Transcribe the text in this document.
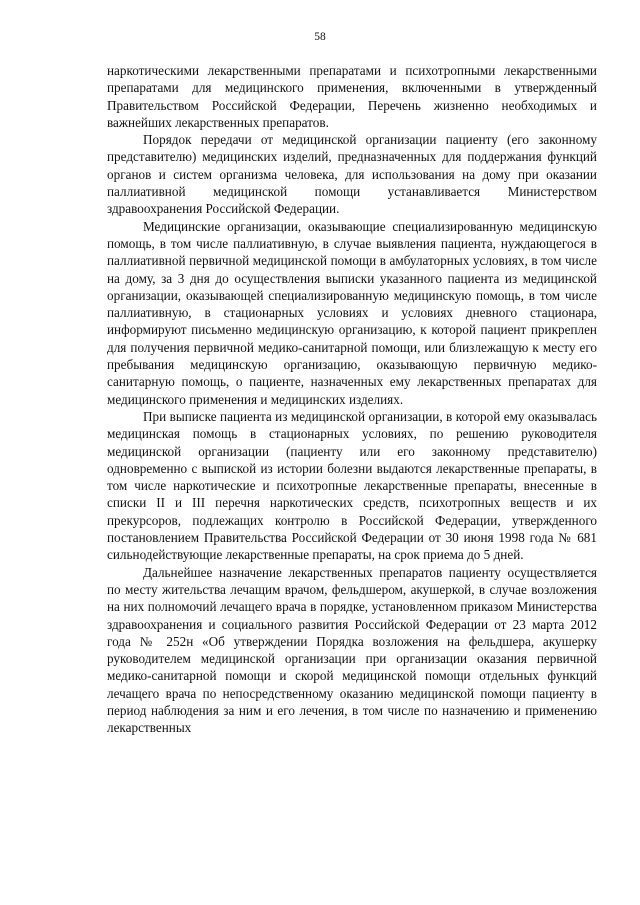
58

наркотическими лекарственными препаратами и психотропными лекарственными препаратами для медицинского применения, включенными в утвержденный Правительством Российской Федерации, Перечень жизненно необходимых и важнейших лекарственных препаратов.

Порядок передачи от медицинской организации пациенту (его законному представителю) медицинских изделий, предназначенных для поддержания функций органов и систем организма человека, для использования на дому при оказании паллиативной медицинской помощи устанавливается Министерством здравоохранения Российской Федерации.

Медицинские организации, оказывающие специализированную медицинскую помощь, в том числе паллиативную, в случае выявления пациента, нуждающегося в паллиативной первичной медицинской помощи в амбулаторных условиях, в том числе на дому, за 3 дня до осуществления выписки указанного пациента из медицинской организации, оказывающей специализированную медицинскую помощь, в том числе паллиативную, в стационарных условиях и условиях дневного стационара, информируют письменно медицинскую организацию, к которой пациент прикреплен для получения первичной медико-санитарной помощи, или близлежащую к месту его пребывания медицинскую организацию, оказывающую первичную медико-санитарную помощь, о пациенте, назначенных ему лекарственных препаратах для медицинского применения и медицинских изделиях.

При выписке пациента из медицинской организации, в которой ему оказывалась медицинская помощь в стационарных условиях, по решению руководителя медицинской организации (пациенту или его законному представителю) одновременно с выпиской из истории болезни выдаются лекарственные препараты, в том числе наркотические и психотропные лекарственные препараты, внесенные в списки II и III перечня наркотических средств, психотропных веществ и их прекурсоров, подлежащих контролю в Российской Федерации, утвержденного постановлением Правительства Российской Федерации от 30 июня 1998 года № 681 сильнодействующие лекарственные препараты, на срок приема до 5 дней.

Дальнейшее назначение лекарственных препаратов пациенту осуществляется по месту жительства лечащим врачом, фельдшером, акушеркой, в случае возложения на них полномочий лечащего врача в порядке, установленном приказом Министерства здравоохранения и социального развития Российской Федерации от 23 марта 2012 года № 252н «Об утверждении Порядка возложения на фельдшера, акушерку руководителем медицинской организации при организации оказания первичной медико-санитарной помощи и скорой медицинской помощи отдельных функций лечащего врача по непосредственному оказанию медицинской помощи пациенту в период наблюдения за ним и его лечения, в том числе по назначению и применению лекарственных
